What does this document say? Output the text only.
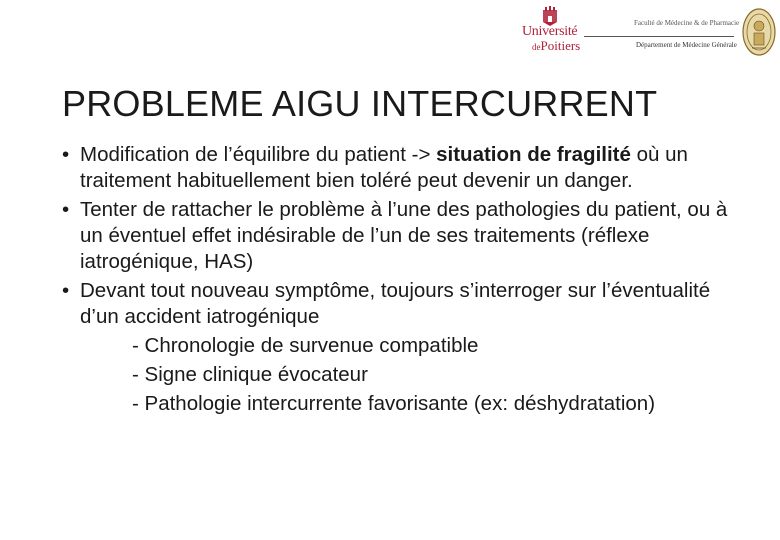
Université
dePoitiers
Faculté de Médecine & de Pharmacie
Département de Médecine Générale
PROBLEME AIGU INTERCURRENT
• Modification de l’équilibre du patient -> situation de fragilité où un traitement habituellement bien toléré peut devenir un danger.
• Tenter de rattacher le problème à l’une des pathologies du patient, ou à un éventuel effet indésirable de l’un de ses traitements (réflexe iatrogénique, HAS)
• Devant tout nouveau symptôme, toujours s’interroger sur l’éventualité d’un accident iatrogénique
- Chronologie de survenue compatible
- Signe clinique évocateur
- Pathologie intercurrente favorisante (ex: déshydratation)
